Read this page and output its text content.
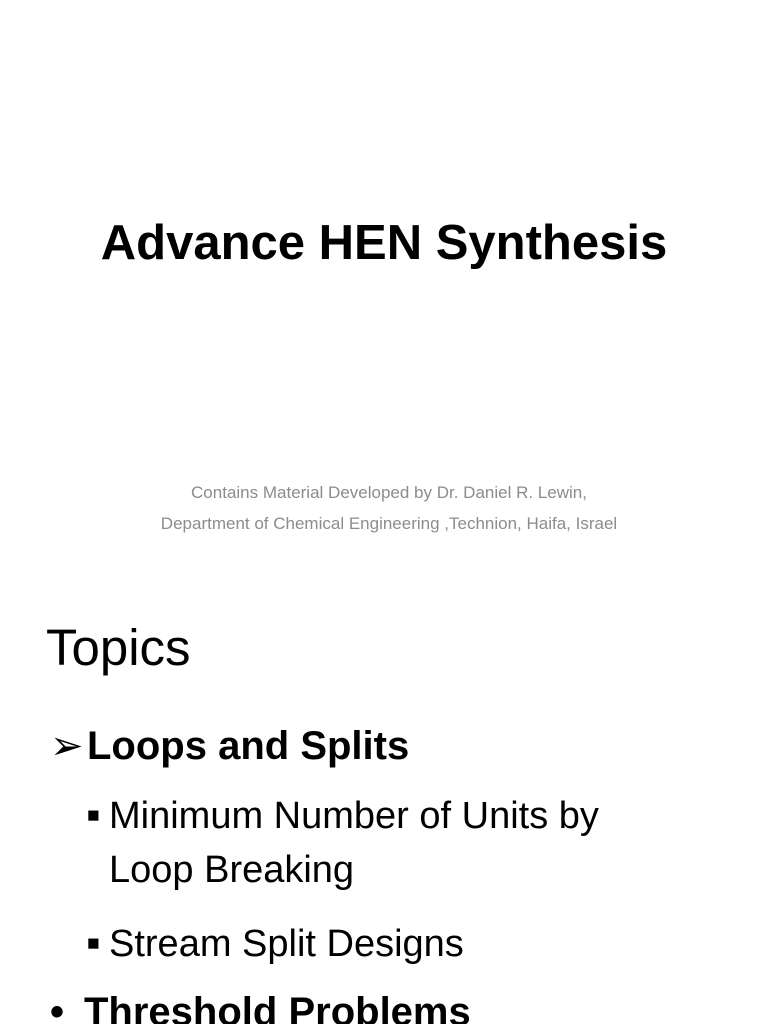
Advance HEN Synthesis
Contains Material Developed by Dr. Daniel R. Lewin,
Department of Chemical Engineering ,Technion, Haifa, Israel
Topics
➢Loops and Splits
■ Minimum Number of Units by
Loop Breaking
■ Stream Split Designs
• Threshold Problems
